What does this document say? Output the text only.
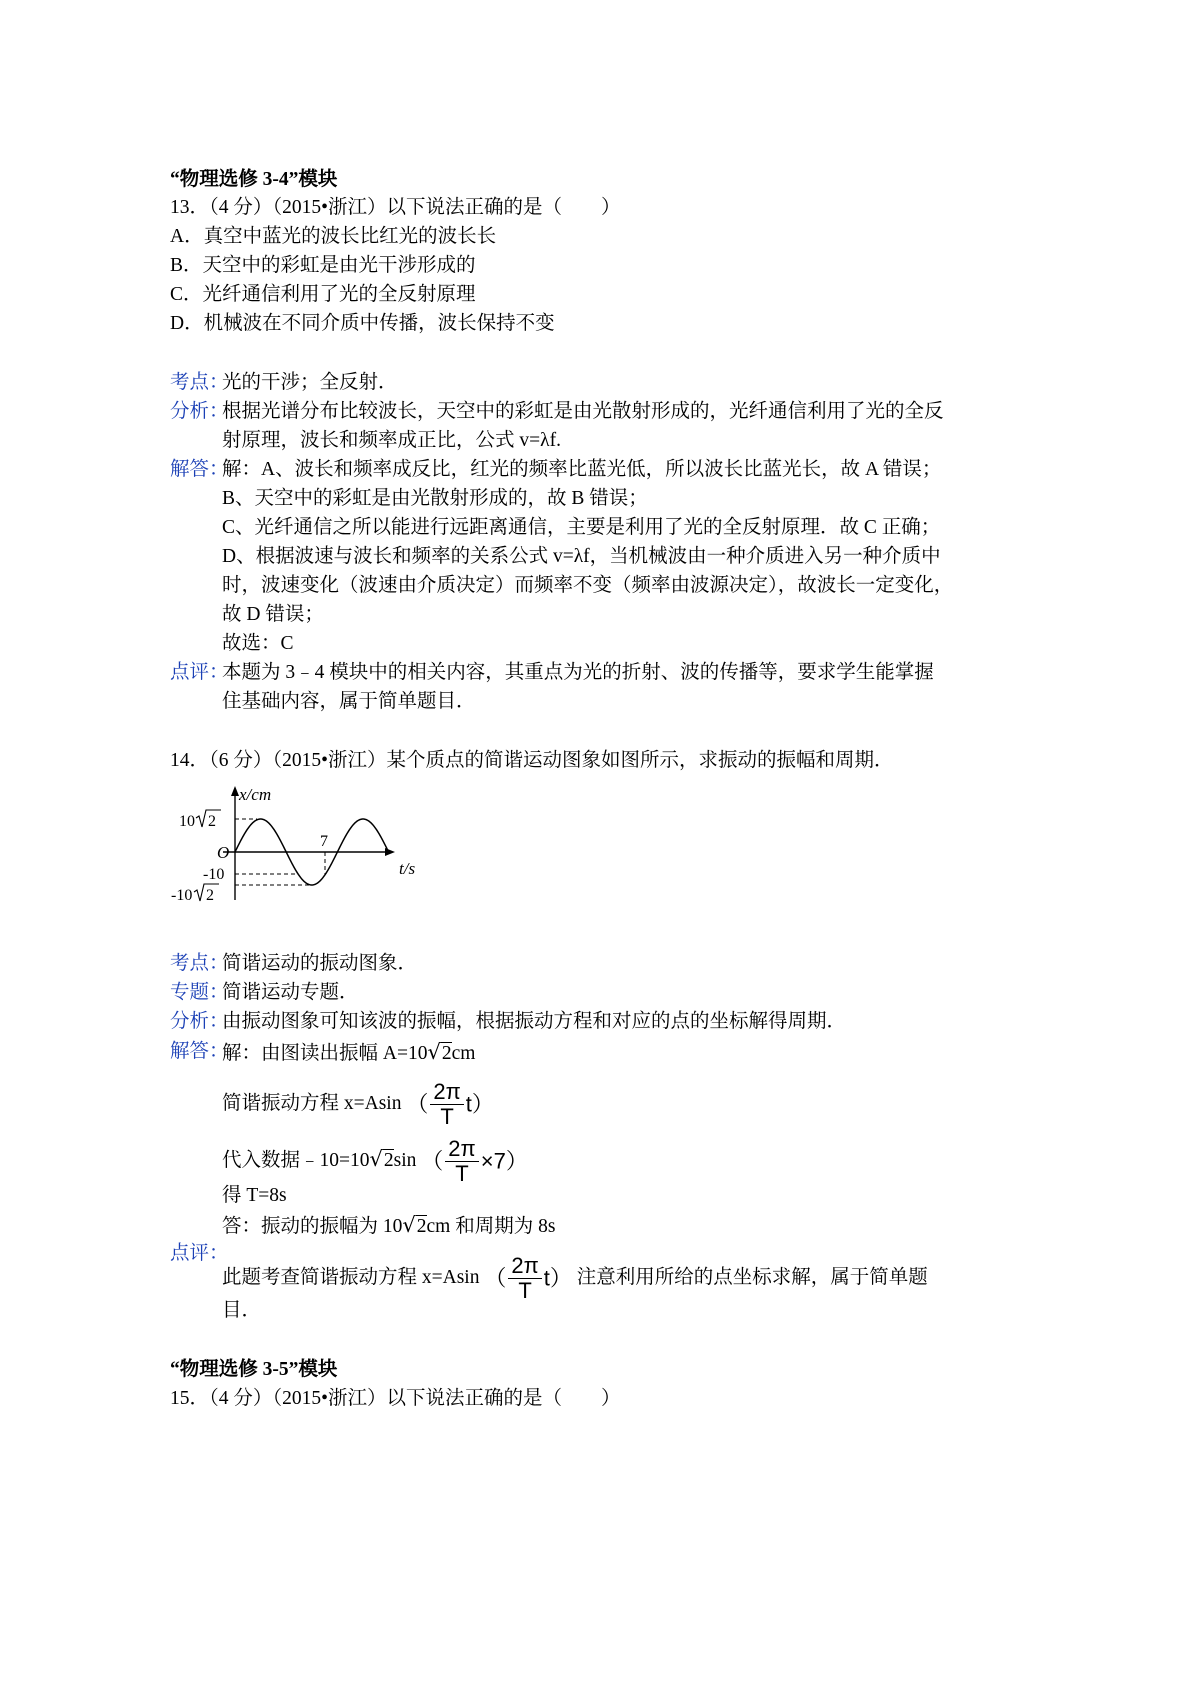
“物理选修 3-4”模块
13．（4 分）（2015•浙江）以下说法正确的是（　　）
A．真空中蓝光的波长比红光的波长长
B．天空中的彩虹是由光干涉形成的
C．光纤通信利用了光的全反射原理
D．机械波在不同介质中传播，波长保持不变
考点：
光的干涉；全反射．
分析：
根据光谱分布比较波长，天空中的彩虹是由光散射形成的，光纤通信利用了光的全反
射原理，波长和频率成正比，公式 v=λf.
解答：
解：A、波长和频率成反比，红光的频率比蓝光低，所以波长比蓝光长，故 A 错误；
B、天空中的彩虹是由光散射形成的，故 B 错误；
C、光纤通信之所以能进行远距离通信，主要是利用了光的全反射原理．故 C 正确；
D、根据波速与波长和频率的关系公式 v=λf，当机械波由一种介质进入另一种介质中
时，波速变化（波速由介质决定）而频率不变（频率由波源决定），故波长一定变化，
故 D 错误；
故选：C
点评：
本题为 3﹣4 模块中的相关内容，其重点为光的折射、波的传播等，要求学生能掌握
住基础内容，属于简单题目．
14．（6 分）（2015•浙江）某个质点的简谐运动图象如图所示，求振动的振幅和周期．
x/cm
t/s
O
7
-10
10 2
-10 2
考点：
简谐运动的振动图象．
专题：
简谐运动专题．
分析：
由振动图象可知该波的振幅，根据振动方程和对应的点的坐标解得周期．
解答：
解：由图读出振幅 A=10√2cm
简谐振动方程 x=Asin （ $\frac{2\pi}{T} t$）
代入数据﹣10=10√2sin （ $\frac{2\pi}{T} \times 7$）
得 T=8s
答：振动的振幅为 10√2cm 和周期为 8s
点评：
此题考查简谐振动方程 x=Asin （ $\frac{2\pi}{T} t$） 注意利用所给的点坐标求解，属于简单题
目．
“物理选修 3-5”模块
15．（4 分）（2015•浙江）以下说法正确的是（　　）
